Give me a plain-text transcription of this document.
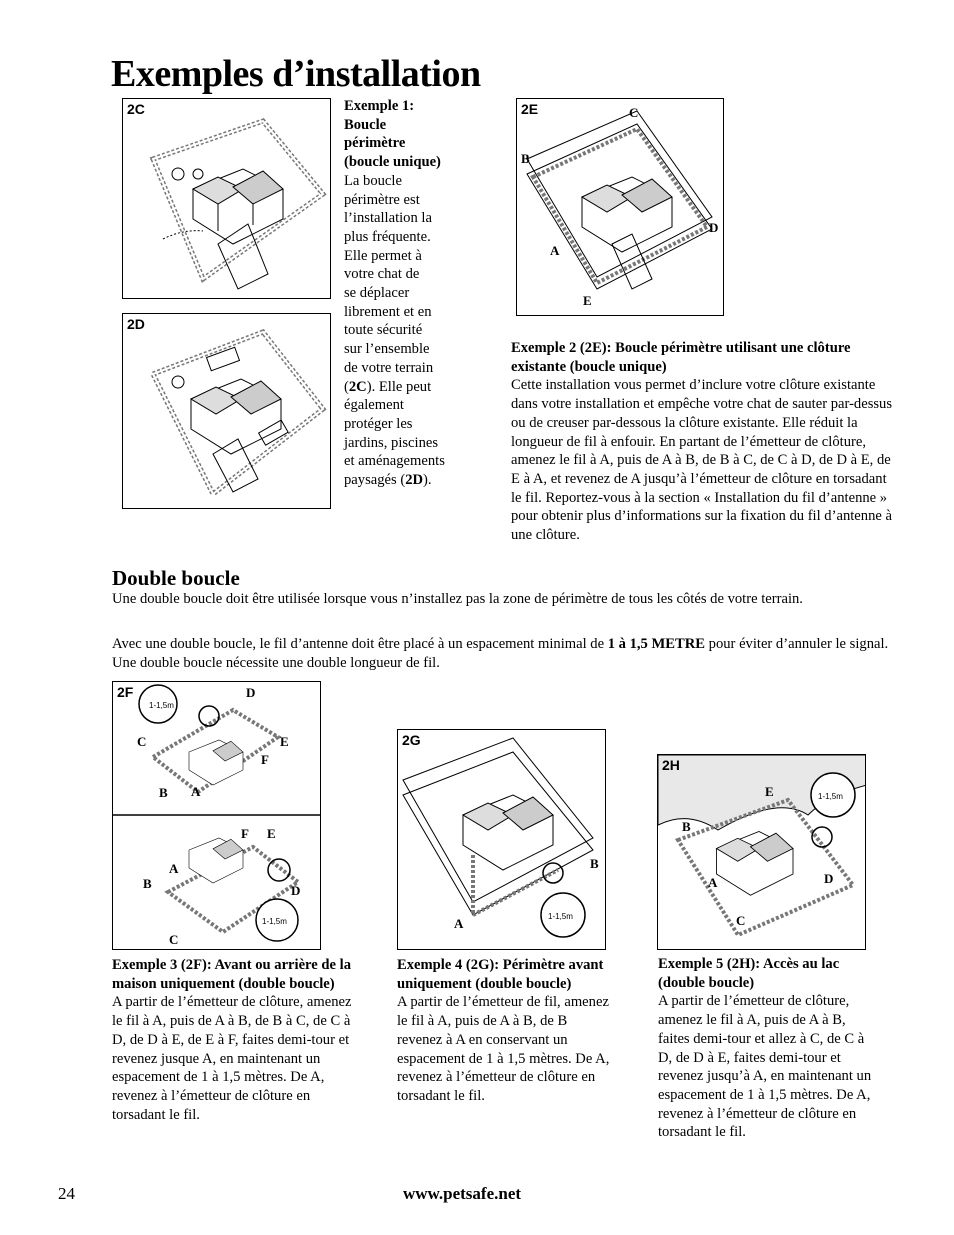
Exemples d’installation
2C
2D
Exemple 1:
Boucle
périmètre
(boucle unique)
La boucle
périmètre est
l’installation la
plus fréquente.
Elle permet à
votre chat de
se déplacer
librement et en
toute sécurité
sur l’ensemble
de votre terrain
(2C). Elle peut
également
protéger les
jardins, piscines
et aménagements
paysagés (2D).
2E	C
B
D
A
E
Exemple 2 (2E): Boucle périmètre utilisant une clôture existante (boucle unique)
Cette installation vous permet d’inclure votre clôture existante dans votre installation et empêche votre chat de sauter par-dessus ou de creuser par-dessous la clôture existante. Elle réduit la longueur de fil à enfouir. En partant de l’émetteur de clôture, amenez le fil à A, puis de A à B, de B à C, de C à D, de D à E, de E à A, et revenez de A jusqu’à l’émetteur de clôture en torsadant le fil. Reportez-vous à la section « Installation du fil d’antenne » pour obtenir plus d’informations sur la fixation du fil d’antenne à une clôture.
Double boucle
Une double boucle doit être utilisée lorsque vous n’installez pas la zone de périmètre de tous les côtés de votre terrain.
Avec une double boucle, le fil d’antenne doit être placé à un espacement minimal de 1 à 1,5 METRE pour éviter d’annuler le signal. Une double boucle nécessite une double longueur de fil.
2F
1-1,5m
D
C	E
F
B A
1-1,5m
F E
A
B	D
C
2G
1-1,5m
B
A
2H
1-1,5m
E
B
A	D
C
Exemple 3 (2F): Avant ou arrière de la maison uniquement (double boucle)
A partir de l’émetteur de clôture, amenez le fil à A, puis de A à B, de B à C, de C à D, de D à E, de E à F, faites demi-tour et revenez jusque A, en maintenant un espacement de 1 à 1,5 mètres. De A, revenez à l’émetteur de clôture en torsadant le fil.
Exemple 4 (2G): Périmètre avant uniquement (double boucle)
A partir de l’émetteur de fil, amenez le fil à A, puis de A à B, de B revenez à A en conservant un espacement de 1 à 1,5 mètres. De A, revenez à l’émetteur de clôture en torsadant le fil.
Exemple 5 (2H): Accès au lac (double boucle)
A partir de l’émetteur de clôture, amenez le fil à A, puis de A à B, faites demi-tour et allez à C, de C à D, de D à E, faites demi-tour et revenez jusqu’à A, en maintenant un espacement de 1 à 1,5 mètres. De A, revenez à l’émetteur de clôture en torsadant le fil.
24	www.petsafe.net
